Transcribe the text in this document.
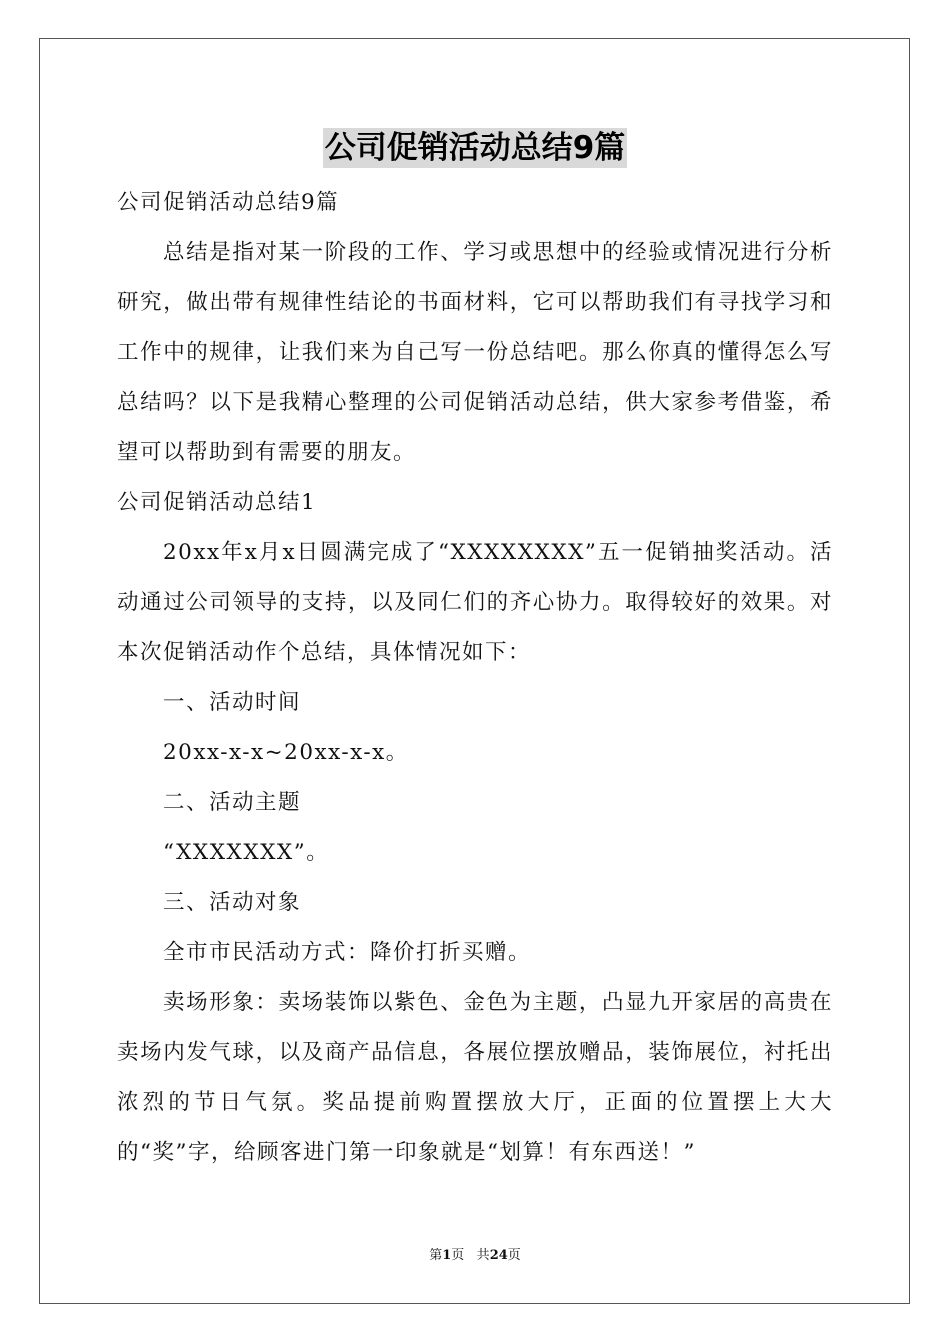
公司促销活动总结9篇

公司促销活动总结9篇

总结是指对某一阶段的工作、学习或思想中的经验或情况进行分析研究，做出带有规律性结论的书面材料，它可以帮助我们有寻找学习和工作中的规律，让我们来为自己写一份总结吧。那么你真的懂得怎么写总结吗？以下是我精心整理的公司促销活动总结，供大家参考借鉴，希望可以帮助到有需要的朋友。

公司促销活动总结1

20xx年x月x日圆满完成了“XXXXXXXX”五一促销抽奖活动。活动通过公司领导的支持，以及同仁们的齐心协力。取得较好的效果。对本次促销活动作个总结，具体情况如下：

一、活动时间

20xx-x-x~20xx-x-x。

二、活动主题

“XXXXXXX”。

三、活动对象

全市市民活动方式：降价打折买赠。

卖场形象：卖场装饰以紫色、金色为主题，凸显九开家居的高贵在卖场内发气球，以及商产品信息，各展位摆放赠品，装饰展位，衬托出浓烈的节日气氛。奖品提前购置摆放大厅，正面的位置摆上大大的“奖”字，给顾客进门第一印象就是“划算！有东西送！”

第1页 共24页
